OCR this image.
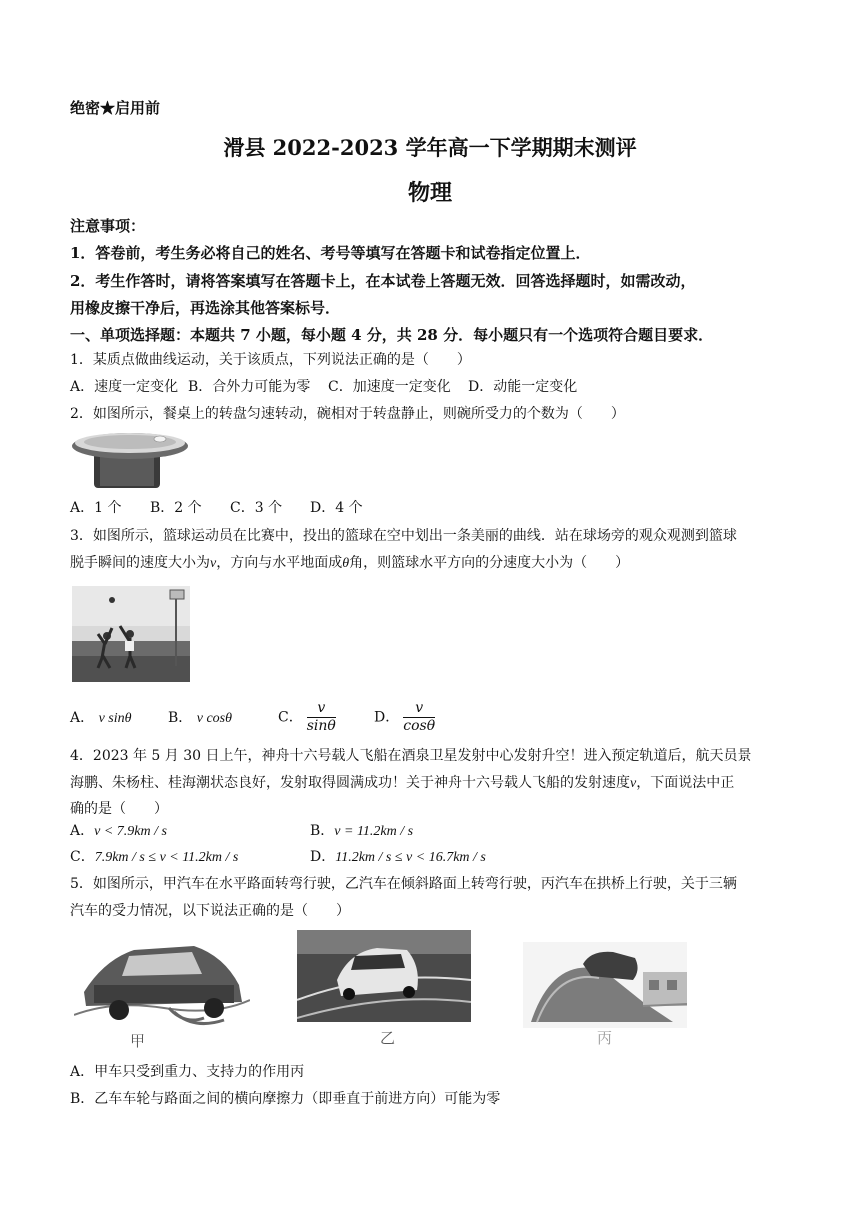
绝密★启用前
滑县 2022-2023 学年高一下学期期末测评
物理
注意事项：
1．答卷前，考生务必将自己的姓名、考号等填写在答题卡和试卷指定位置上．
2．考生作答时，请将答案填写在答题卡上，在本试卷上答题无效．回答选择题时，如需改动，
用橡皮擦干净后，再选涂其他答案标号．
一、单项选择题：本题共 7 小题，每小题 4 分，共 28 分．每小题只有一个选项符合题目要求．
1．某质点做曲线运动，关于该质点，下列说法正确的是（　　）
A．速度一定变化 B．合外力可能为零 C．加速度一定变化 D．动能一定变化
2．如图所示，餐桌上的转盘匀速转动，碗相对于转盘静止，则碗所受力的个数为（　　）
A．1 个 B．2 个 C．3 个 D．4 个
3．如图所示，篮球运动员在比赛中，投出的篮球在空中划出一条美丽的曲线．站在球场旁的观众观测到篮球
脱手瞬间的速度大小为v，方向与水平地面成θ角，则篮球水平方向的分速度大小为（　　）
A． v sinθ	B． v cosθ	C． $\frac{v}{\sin\theta}$	D． $\frac{v}{\cos\theta}$
4．2023 年 5 月 30 日上午，神舟十六号载人飞船在酒泉卫星发射中心发射升空！进入预定轨道后，航天员景
海鹏、朱杨柱、桂海潮状态良好，发射取得圆满成功！关于神舟十六号载人飞船的发射速度v，下面说法中正
确的是（　　）
A．v < 7.9km / s	B．v = 11.2km / s
C．7.9km / s ≤ v < 11.2km / s	D．11.2km / s ≤ v < 16.7km / s
5．如图所示，甲汽车在水平路面转弯行驶，乙汽车在倾斜路面上转弯行驶，丙汽车在拱桥上行驶，关于三辆
汽车的受力情况，以下说法正确的是（　　）
甲	乙	丙
A．甲车只受到重力、支持力的作用丙
B．乙车车轮与路面之间的横向摩擦力（即垂直于前进方向）可能为零
